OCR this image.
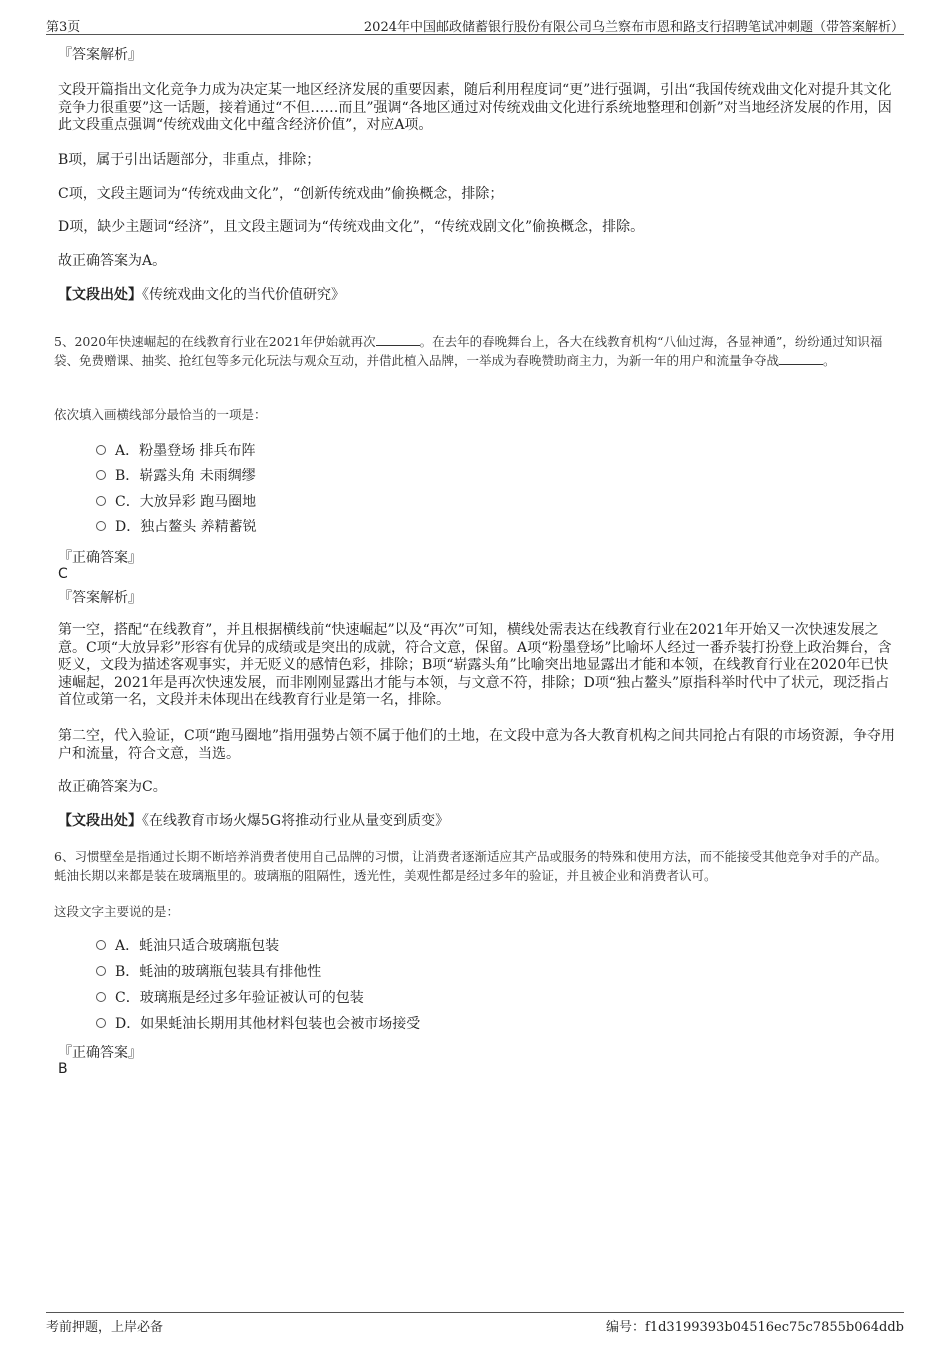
第3页	2024年中国邮政储蓄银行股份有限公司乌兰察布市恩和路支行招聘笔试冲刺题（带答案解析）
『答案解析』
文段开篇指出文化竞争力成为决定某一地区经济发展的重要因素，随后利用程度词“更”进行强调，引出“我国传统戏曲文化对提升其文化竞争力很重要”这一话题，接着通过“不但……而且”强调“各地区通过对传统戏曲文化进行系统地整理和创新”对当地经济发展的作用，因此文段重点强调“传统戏曲文化中蕴含经济价值”，对应A项。
B项，属于引出话题部分，非重点，排除；
C项，文段主题词为“传统戏曲文化”，“创新传统戏曲”偷换概念，排除；
D项，缺少主题词“经济”，且文段主题词为“传统戏曲文化”，“传统戏剧文化”偷换概念，排除。
故正确答案为A。
【文段出处】《传统戏曲文化的当代价值研究》
5、2020年快速崛起的在线教育行业在2021年伊始就再次	。在去年的春晚舞台上，各大在线教育机构“八仙过海，各显神通”，纷纷通过知识福袋、免费赠课、抽奖、抢红包等多元化玩法与观众互动，并借此植入品牌，一举成为春晚赞助商主力，为新一年的用户和流量争夺战	。
依次填入画横线部分最恰当的一项是：
A．粉墨登场 排兵布阵
B．崭露头角 未雨绸缪
C．大放异彩 跑马圈地
D．独占鳌头 养精蓄锐
『正确答案』
C
『答案解析』
第一空，搭配“在线教育”，并且根据横线前“快速崛起”以及“再次”可知，横线处需表达在线教育行业在2021年开始又一次快速发展之意。C项“大放异彩”形容有优异的成绩或是突出的成就，符合文意，保留。A项“粉墨登场”比喻坏人经过一番乔装打扮登上政治舞台，含贬义，文段为描述客观事实，并无贬义的感情色彩，排除；B项“崭露头角”比喻突出地显露出才能和本领，在线教育行业在2020年已快速崛起，2021年是再次快速发展，而非刚刚显露出才能与本领，与文意不符，排除；D项“独占鳌头”原指科举时代中了状元，现泛指占首位或第一名，文段并未体现出在线教育行业是第一名，排除。
第二空，代入验证，C项“跑马圈地”指用强势占领不属于他们的土地，在文段中意为各大教育机构之间共同抢占有限的市场资源，争夺用户和流量，符合文意，当选。
故正确答案为C。
【文段出处】《在线教育市场火爆5G将推动行业从量变到质变》
6、习惯壁垒是指通过长期不断培养消费者使用自己品牌的习惯，让消费者逐渐适应其产品或服务的特殊和使用方法，而不能接受其他竞争对手的产品。蚝油长期以来都是装在玻璃瓶里的。玻璃瓶的阻隔性，透光性，美观性都是经过多年的验证，并且被企业和消费者认可。
这段文字主要说的是：
A．蚝油只适合玻璃瓶包装
B．蚝油的玻璃瓶包装具有排他性
C．玻璃瓶是经过多年验证被认可的包装
D．如果蚝油长期用其他材料包装也会被市场接受
『正确答案』
B
考前押题，上岸必备	编号：f1d3199393b04516ec75c7855b064ddb
